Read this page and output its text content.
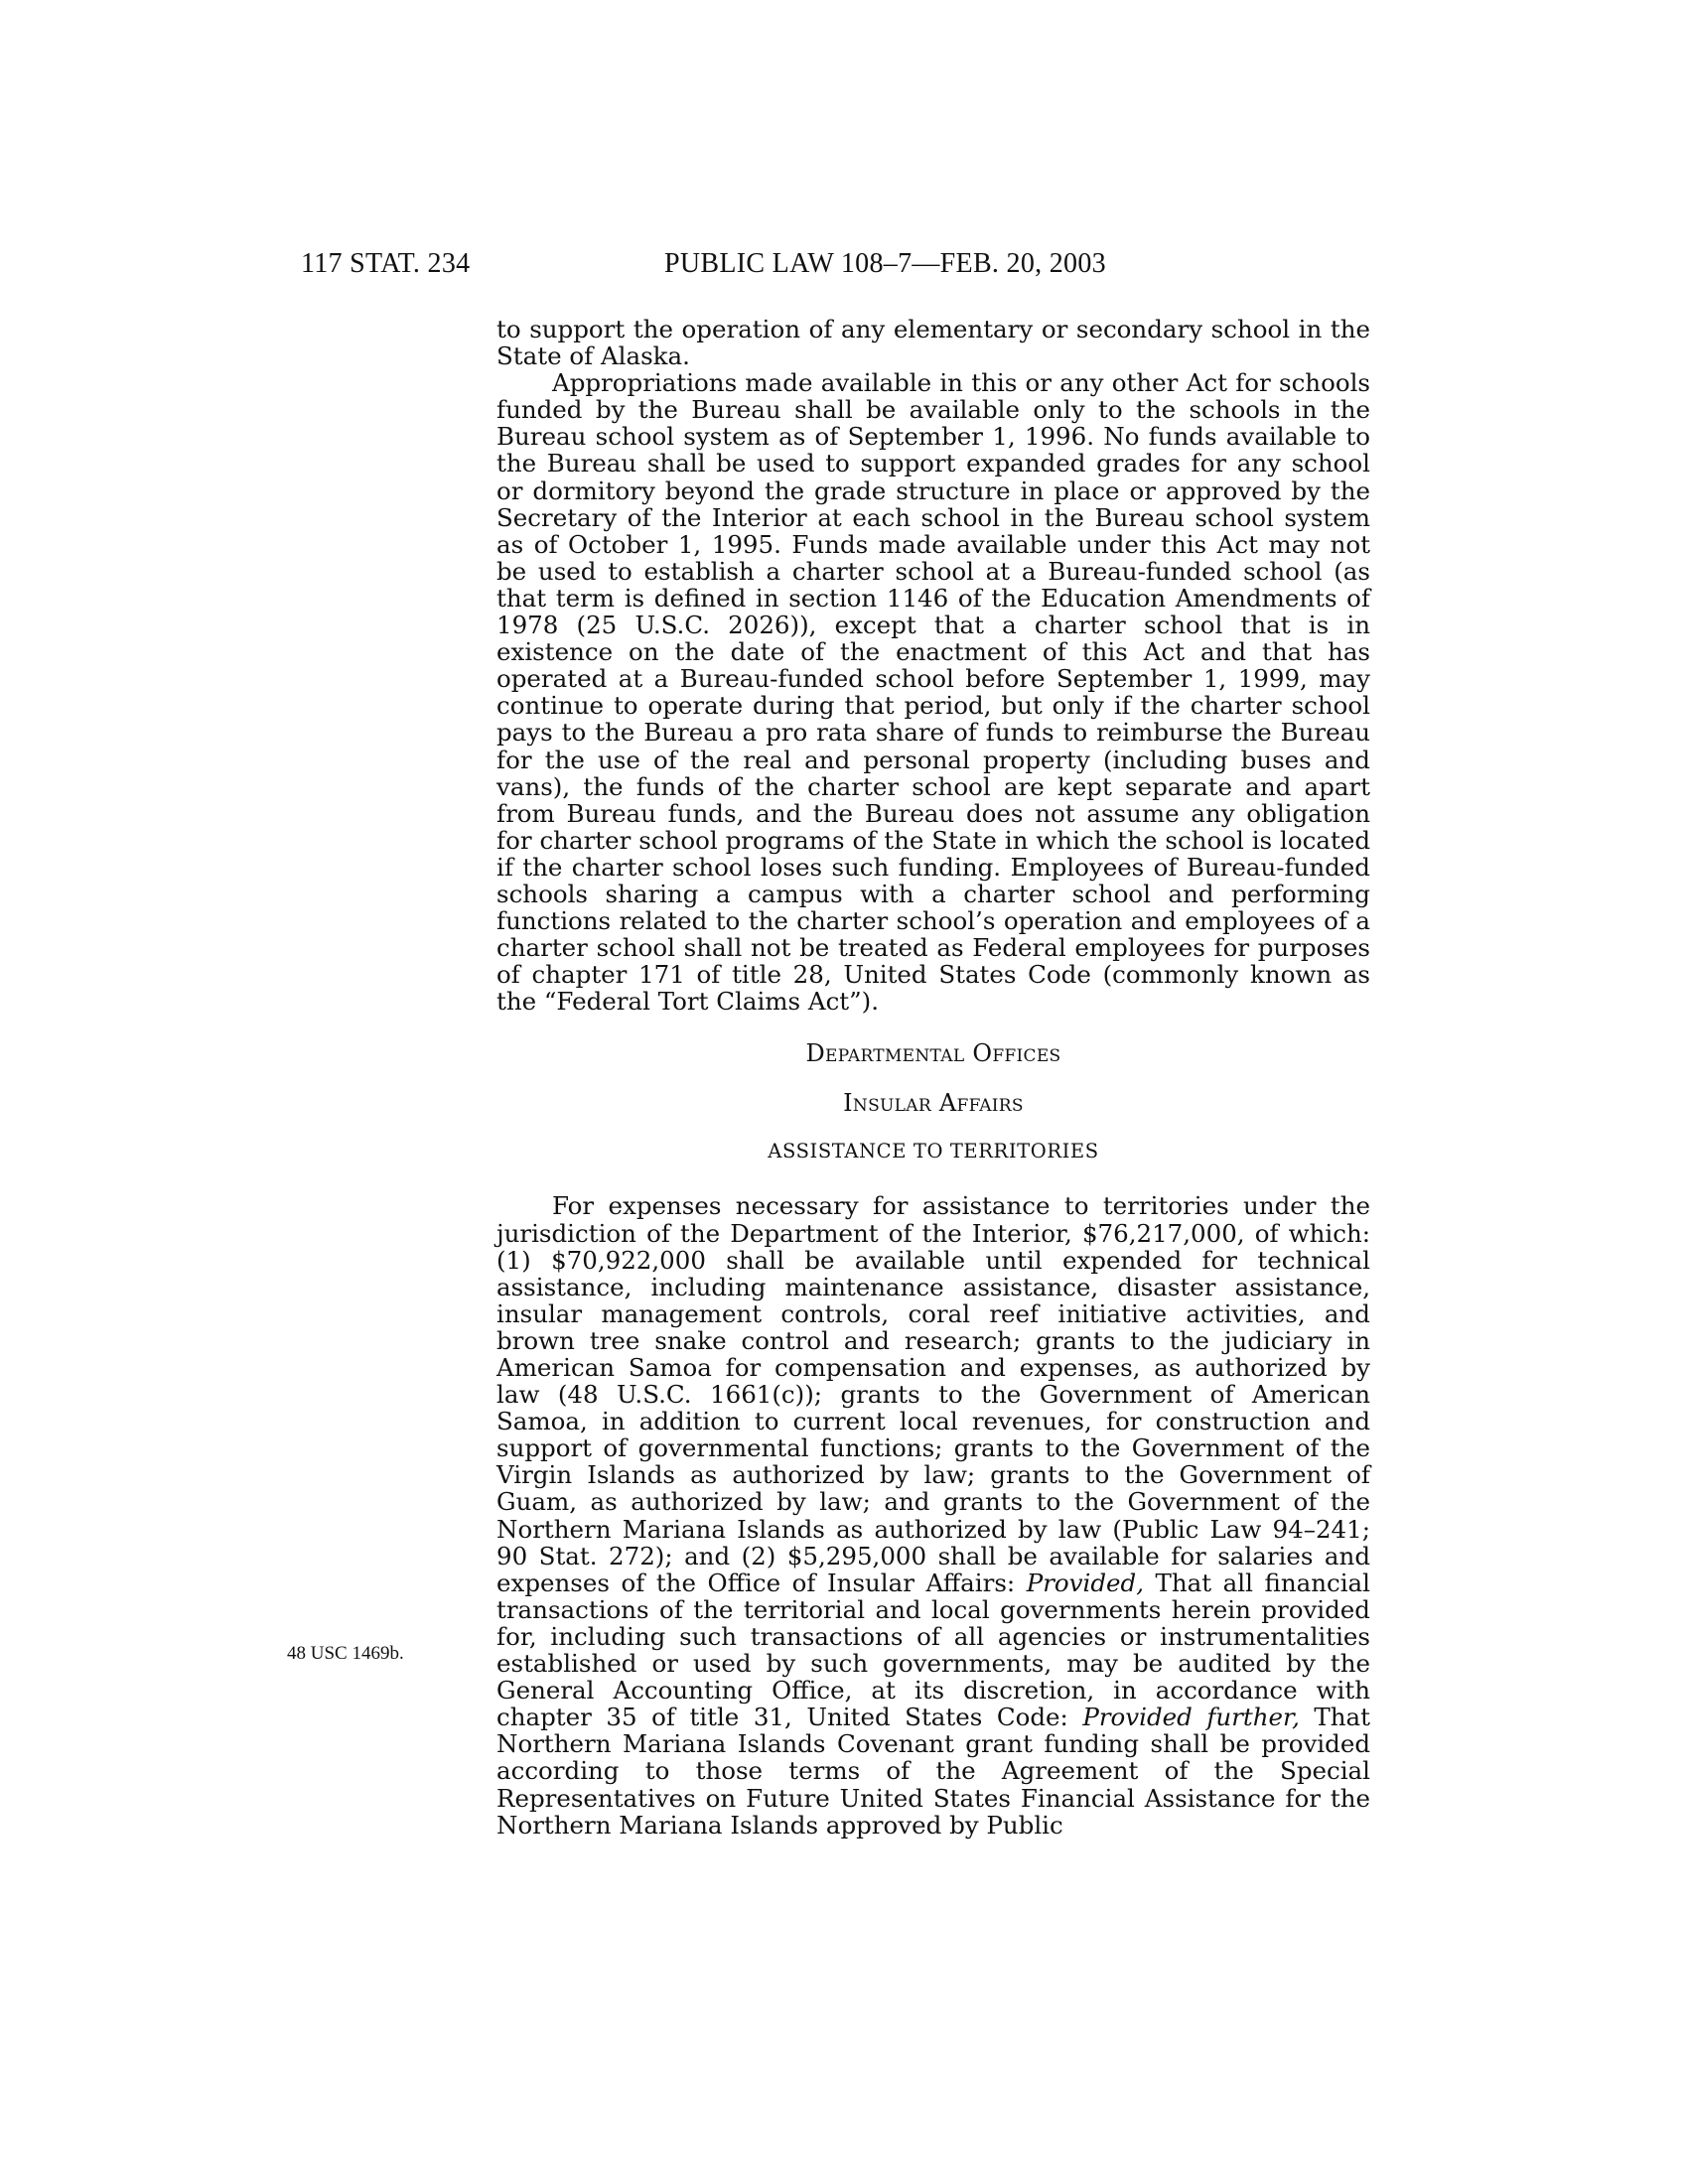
117 STAT. 234	PUBLIC LAW 108–7—FEB. 20, 2003
48 USC 1469b.

to support the operation of any elementary or secondary school in the State of Alaska.

Appropriations made available in this or any other Act for schools funded by the Bureau shall be available only to the schools in the Bureau school system as of September 1, 1996. No funds available to the Bureau shall be used to support expanded grades for any school or dormitory beyond the grade structure in place or approved by the Secretary of the Interior at each school in the Bureau school system as of October 1, 1995. Funds made available under this Act may not be used to establish a charter school at a Bureau-funded school (as that term is defined in section 1146 of the Education Amendments of 1978 (25 U.S.C. 2026)), except that a charter school that is in existence on the date of the enactment of this Act and that has operated at a Bureau-funded school before September 1, 1999, may continue to operate during that period, but only if the charter school pays to the Bureau a pro rata share of funds to reimburse the Bureau for the use of the real and personal property (including buses and vans), the funds of the charter school are kept separate and apart from Bureau funds, and the Bureau does not assume any obligation for charter school programs of the State in which the school is located if the charter school loses such funding. Employees of Bureau-funded schools sharing a campus with a charter school and performing functions related to the charter school’s operation and employees of a charter school shall not be treated as Federal employees for purposes of chapter 171 of title 28, United States Code (commonly known as the “Federal Tort Claims Act”).

Departmental Offices
Insular Affairs
ASSISTANCE TO TERRITORIES

For expenses necessary for assistance to territories under the jurisdiction of the Department of the Interior, $76,217,000, of which: (1) $70,922,000 shall be available until expended for technical assistance, including maintenance assistance, disaster assistance, insular management controls, coral reef initiative activities, and brown tree snake control and research; grants to the judiciary in American Samoa for compensation and expenses, as authorized by law (48 U.S.C. 1661(c)); grants to the Government of American Samoa, in addition to current local revenues, for construction and support of governmental functions; grants to the Government of the Virgin Islands as authorized by law; grants to the Government of Guam, as authorized by law; and grants to the Government of the Northern Mariana Islands as authorized by law (Public Law 94–241; 90 Stat. 272); and (2) $5,295,000 shall be available for salaries and expenses of the Office of Insular Affairs: Provided, That all financial transactions of the territorial and local governments herein provided for, including such transactions of all agencies or instrumentalities established or used by such governments, may be audited by the General Accounting Office, at its discretion, in accordance with chapter 35 of title 31, United States Code: Provided further, That Northern Mariana Islands Covenant grant funding shall be provided according to those terms of the Agreement of the Special Representatives on Future United States Financial Assistance for the Northern Mariana Islands approved by Public
